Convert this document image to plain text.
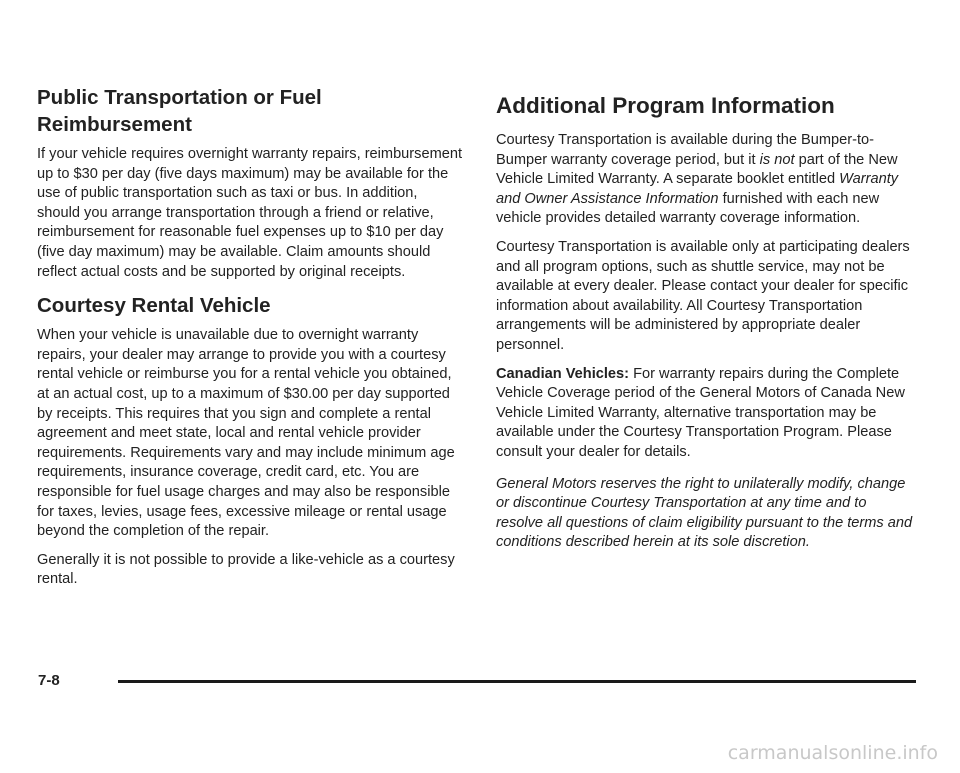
Public Transportation or Fuel Reimbursement

If your vehicle requires overnight warranty repairs, reimbursement up to $30 per day (five days maximum) may be available for the use of public transportation such as taxi or bus. In addition, should you arrange transportation through a friend or relative, reimbursement for reasonable fuel expenses up to $10 per day (five day maximum) may be available. Claim amounts should reflect actual costs and be supported by original receipts.

Courtesy Rental Vehicle

When your vehicle is unavailable due to overnight warranty repairs, your dealer may arrange to provide you with a courtesy rental vehicle or reimburse you for a rental vehicle you obtained, at an actual cost, up to a maximum of $30.00 per day supported by receipts. This requires that you sign and complete a rental agreement and meet state, local and rental vehicle provider requirements. Requirements vary and may include minimum age requirements, insurance coverage, credit card, etc. You are responsible for fuel usage charges and may also be responsible for taxes, levies, usage fees, excessive mileage or rental usage beyond the completion of the repair.

Generally it is not possible to provide a like-vehicle as a courtesy rental.

Additional Program Information

Courtesy Transportation is available during the Bumper-to-Bumper warranty coverage period, but it is not part of the New Vehicle Limited Warranty. A separate booklet entitled Warranty and Owner Assistance Information furnished with each new vehicle provides detailed warranty coverage information.

Courtesy Transportation is available only at participating dealers and all program options, such as shuttle service, may not be available at every dealer. Please contact your dealer for specific information about availability. All Courtesy Transportation arrangements will be administered by appropriate dealer personnel.

Canadian Vehicles: For warranty repairs during the Complete Vehicle Coverage period of the General Motors of Canada New Vehicle Limited Warranty, alternative transportation may be available under the Courtesy Transportation Program. Please consult your dealer for details.

General Motors reserves the right to unilaterally modify, change or discontinue Courtesy Transportation at any time and to resolve all questions of claim eligibility pursuant to the terms and conditions described herein at its sole discretion.

7-8
carmanualsonline.info
